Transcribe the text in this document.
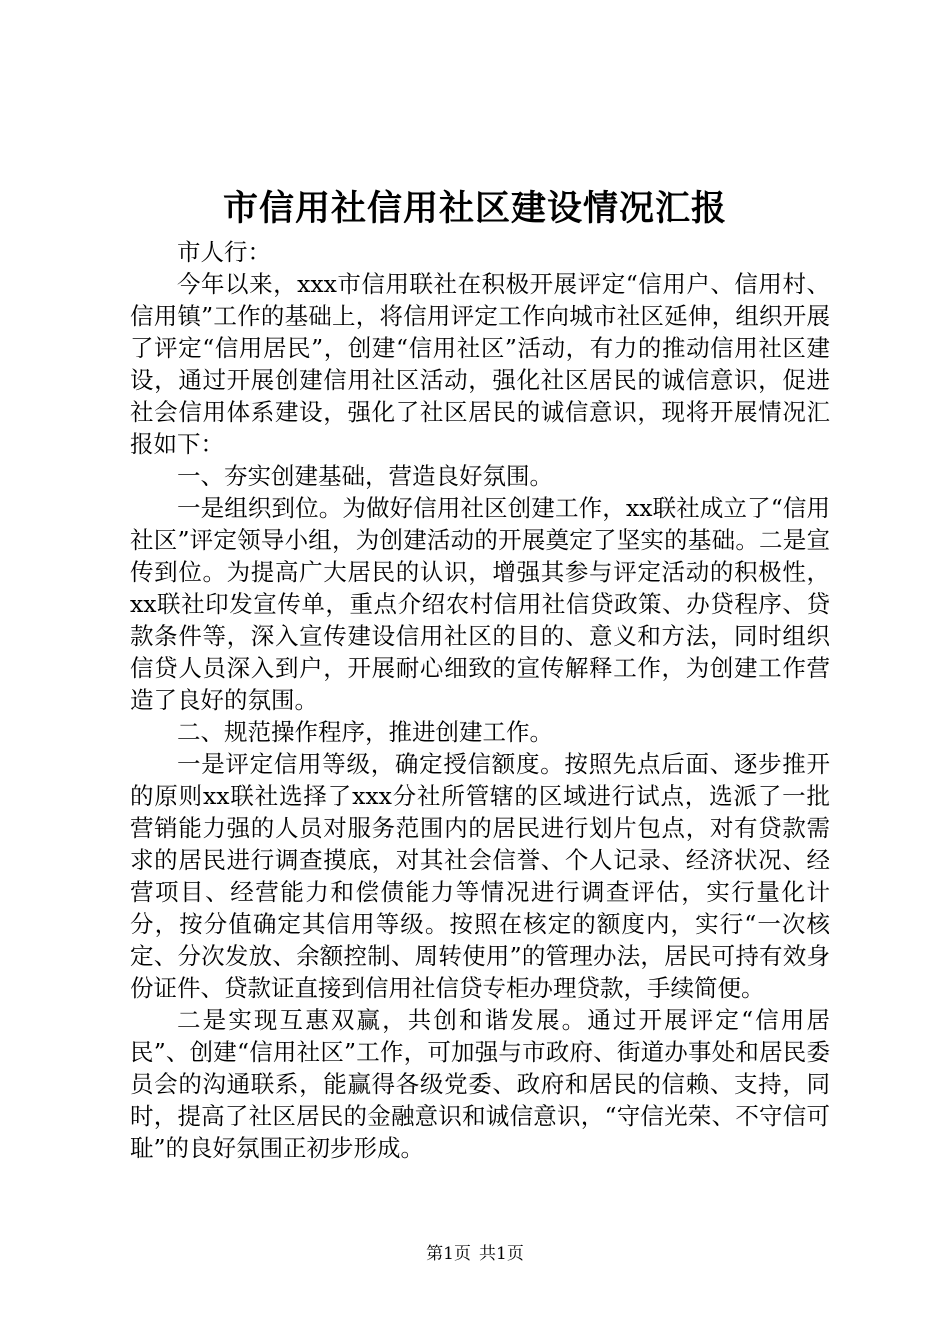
市信用社信用社区建设情况汇报

市人行：

今年以来，xxx市信用联社在积极开展评定“信用户、信用村、信用镇”工作的基础上，将信用评定工作向城市社区延伸，组织开展了评定“信用居民”，创建“信用社区”活动，有力的推动信用社区建设，通过开展创建信用社区活动，强化社区居民的诚信意识，促进社会信用体系建设，强化了社区居民的诚信意识，现将开展情况汇报如下：

一、夯实创建基础，营造良好氛围。

一是组织到位。为做好信用社区创建工作，xx联社成立了“信用社区”评定领导小组，为创建活动的开展奠定了坚实的基础。二是宣传到位。为提高广大居民的认识，增强其参与评定活动的积极性，xx联社印发宣传单，重点介绍农村信用社信贷政策、办贷程序、贷款条件等，深入宣传建设信用社区的目的、意义和方法，同时组织信贷人员深入到户，开展耐心细致的宣传解释工作，为创建工作营造了良好的氛围。

二、规范操作程序，推进创建工作。

一是评定信用等级，确定授信额度。按照先点后面、逐步推开的原则xx联社选择了xxx分社所管辖的区域进行试点，选派了一批营销能力强的人员对服务范围内的居民进行划片包点，对有贷款需求的居民进行调查摸底，对其社会信誉、个人记录、经济状况、经营项目、经营能力和偿债能力等情况进行调查评估，实行量化计分，按分值确定其信用等级。按照在核定的额度内，实行“一次核定、分次发放、余额控制、周转使用”的管理办法，居民可持有效身份证件、贷款证直接到信用社信贷专柜办理贷款，手续简便。

二是实现互惠双赢，共创和谐发展。通过开展评定“信用居民”、创建“信用社区”工作，可加强与市政府、街道办事处和居民委员会的沟通联系，能赢得各级党委、政府和居民的信赖、支持，同时，提高了社区居民的金融意识和诚信意识，“守信光荣、不守信可耻”的良好氛围正初步形成。

第1页 共1页
